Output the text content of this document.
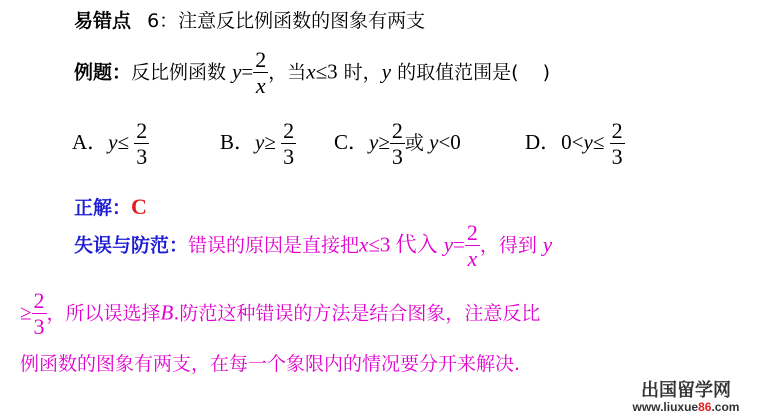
易错点 6：注意反比例函数的图象有两支
例题：反比例函数 $y= \frac{2}{x}$ ，当x≤3 时，y 的取值范围是( )
A．$y\le \frac{2}{3}$	B．$y\ge \frac{2}{3}$ C．$y\ge \frac{2}{3}$ 或 y<0	D．$0<y\le \frac{2}{3}$
正解：C
失误与防范：错误的原因是直接把x≤3 代入 $y= \frac{2}{x}$ ，得到 y
≥ $\frac{2}{3}$ ，所以误选择B.防范这种错误的方法是结合图象，注意反比
例函数的图象有两支，在每一个象限内的情况要分开来解决.
出国留学网
www.liuxue86.com
